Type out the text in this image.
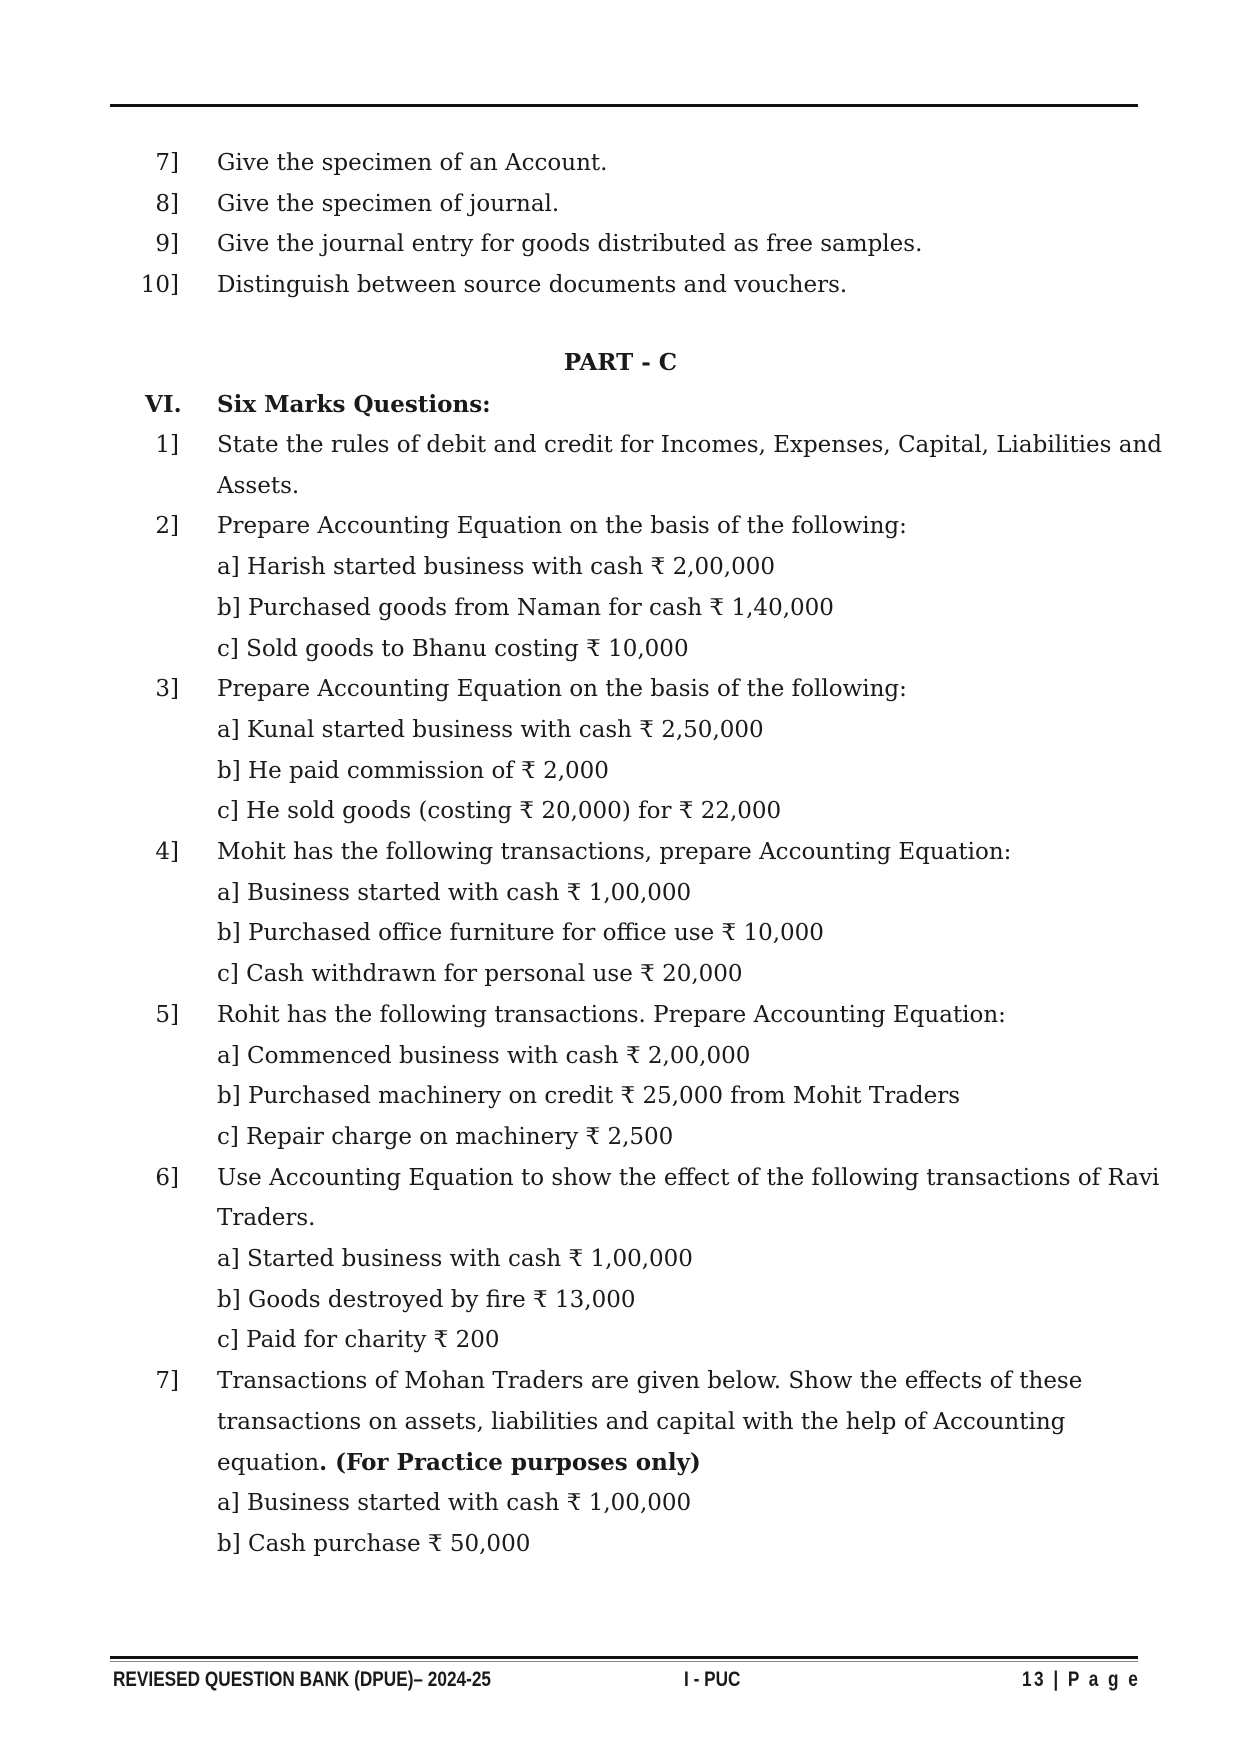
7] Give the specimen of an Account.
8] Give the specimen of journal.
9] Give the journal entry for goods distributed as free samples.
10] Distinguish between source documents and vouchers.
PART - C
VI. Six Marks Questions:
1] State the rules of debit and credit for Incomes, Expenses, Capital, Liabilities and
Assets.
2] Prepare Accounting Equation on the basis of the following:
a] Harish started business with cash ₹ 2,00,000
b] Purchased goods from Naman for cash ₹ 1,40,000
c] Sold goods to Bhanu costing ₹ 10,000
3] Prepare Accounting Equation on the basis of the following:
a] Kunal started business with cash ₹ 2,50,000
b] He paid commission of ₹ 2,000
c] He sold goods (costing ₹ 20,000) for ₹ 22,000
4] Mohit has the following transactions, prepare Accounting Equation:
a] Business started with cash ₹ 1,00,000
b] Purchased office furniture for office use ₹ 10,000
c] Cash withdrawn for personal use ₹ 20,000
5] Rohit has the following transactions. Prepare Accounting Equation:
a] Commenced business with cash ₹ 2,00,000
b] Purchased machinery on credit ₹ 25,000 from Mohit Traders
c] Repair charge on machinery ₹ 2,500
6] Use Accounting Equation to show the effect of the following transactions of Ravi
Traders.
a] Started business with cash ₹ 1,00,000
b] Goods destroyed by fire ₹ 13,000
c] Paid for charity ₹ 200
7] Transactions of Mohan Traders are given below. Show the effects of these
transactions on assets, liabilities and capital with the help of Accounting
equation. (For Practice purposes only)
a] Business started with cash ₹ 1,00,000
b] Cash purchase ₹ 50,000
REVIESED QUESTION BANK (DPUE)– 2024-25	I - PUC	13 | P a g e
